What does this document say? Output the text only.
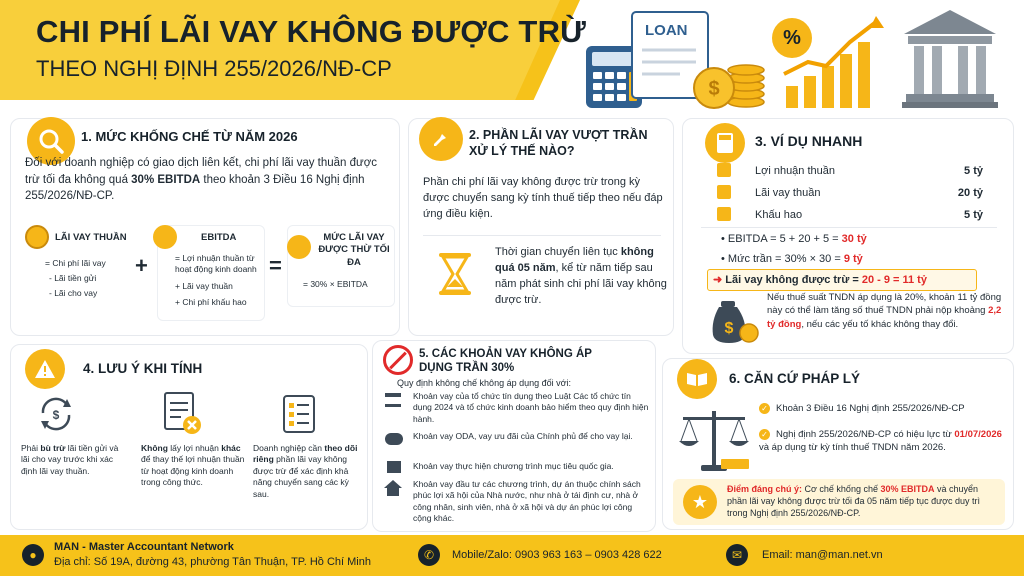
CHI PHÍ LÃI VAY KHÔNG ĐƯỢC TRỪ
THEO NGHỊ ĐỊNH 255/2026/NĐ-CP
LOAN
$
%
1. MỨC KHỐNG CHẾ TỪ NĂM 2026
Đối với doanh nghiệp có giao dịch liên kết, chi phí lãi vay thuần được trừ tối đa không quá 30% EBITDA theo khoản 3 Điều 16 Nghị định 255/2026/NĐ-CP.
LÃI VAY THUẦN
= Chi phí lãi vay
- Lãi tiền gửi
- Lãi cho vay
+
EBITDA
= Lợi nhuận thuần từ hoạt động kinh doanh
+ Lãi vay thuần
+ Chi phí khấu hao
=
MỨC LÃI VAY ĐƯỢC THỪ TỐI ĐA
= 30% × EBITDA
2. PHẦN LÃI VAY VƯỢT TRẦN XỬ LÝ THẾ NÀO?
Phần chi phí lãi vay không được trừ trong kỳ được chuyển sang kỳ tính thuế tiếp theo nếu đáp ứng điều kiện.
Thời gian chuyển liên tục không quá 05 năm, kể từ năm tiếp sau năm phát sinh chi phí lãi vay không được trừ.
3. VÍ DỤ NHANH
Lợi nhuận thuần	5 tỷ
Lãi vay thuần	20 tỷ
Khấu hao	5 tỷ
• EBITDA = 5 + 20 + 5 = 30 tỷ
• Mức trần = 30% × 30 = 9 tỷ
➜ Lãi vay không được trừ = 20 - 9 = 11 tỷ
$
Nếu thuế suất TNDN áp dụng là 20%, khoản 11 tỷ đồng này có thể làm tăng số thuế TNDN phải nộp khoảng 2,2 tỷ đồng, nếu các yếu tố khác không thay đổi.
4. LƯU Ý KHI TÍNH
$
Phải bù trừ lãi tiền gửi và lãi cho vay trước khi xác định lãi vay thuần.
Không lấy lợi nhuận khác để thay thế lợi nhuận thuần từ hoạt động kinh doanh trong công thức.
Doanh nghiệp cần theo dõi riêng phần lãi vay không được trừ để xác định khả năng chuyển sang các kỳ sau.
5. CÁC KHOẢN VAY KHÔNG ÁP DỤNG TRẦN 30%
Quy định không chế không áp dụng đối với:
Khoản vay của tổ chức tín dụng theo Luật Các tổ chức tín dụng 2024 và tổ chức kinh doanh bảo hiểm theo quy định hiện hành.
Khoản vay ODA, vay ưu đãi của Chính phủ để cho vay lại.
Khoản vay thực hiện chương trình mục tiêu quốc gia.
Khoản vay đầu tư các chương trình, dự án thuộc chính sách phúc lợi xã hội của Nhà nước, như nhà ở tái định cư, nhà ở công nhân, sinh viên, nhà ở xã hội và dự án phúc lợi công cộng khác.
6. CĂN CỨ PHÁP LÝ
✓ Khoản 3 Điều 16 Nghị định 255/2026/NĐ-CP
✓ Nghị định 255/2026/NĐ-CP có hiệu lực từ 01/07/2026 và áp dụng từ kỳ tính thuế TNDN năm 2026.
★
Điểm đáng chú ý: Cơ chế khống chế 30% EBITDA và chuyển phần lãi vay không được trừ tối đa 05 năm tiếp tục được duy trì trong Nghị định 255/2026/NĐ-CP.
●
MAN - Master Accountant Network
Địa chỉ: Số 19A, đường 43, phường Tân Thuận, TP. Hồ Chí Minh	✆	Mobile/Zalo: 0903 963 163 – 0903 428 622	✉	Email: man@man.net.vn
